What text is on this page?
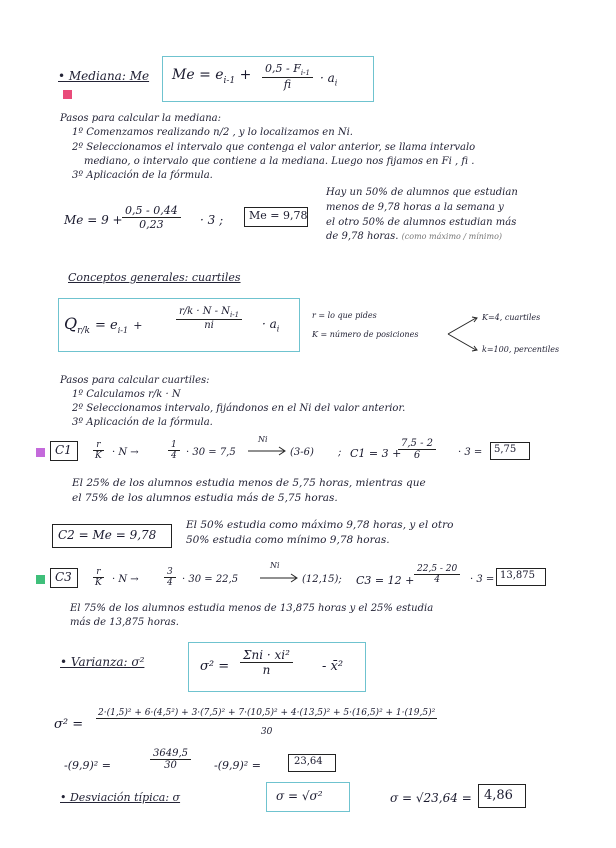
• Mediana: Me $Me = e_{i-1} + \frac{0,5 - F_{i-1}}{fi} \cdot a_i$
Pasos para calcular la mediana:
1º Comenzamos realizando n/2 , y lo localizamos en Ni.
2º Seleccionamos el intervalo que contenga el valor anterior, se llama intervalo
mediano, o intervalo que contiene a la mediana. Luego nos fijamos en Fi , fi .
3º Aplicación de la fórmula.
$Me = 9 + \frac{0,5 - 0,44}{0,23} \cdot 3$ ; Me = 9,78
Hay un 50% de alumnos que estudian
menos de 9,78 horas a la semana y
el otro 50% de alumnos estudian más
de 9,78 horas. (como máximo / mínimo)
Conceptos generales: cuartiles
$Q_{r/k} = e_{i-1}$ +	$\frac{r/k \cdot N - N_{i-1}}{ni} \cdot a_i$
r = lo que pides
K = número de posiciones
K=4, cuartiles
k=100, percentiles
Pasos para calcular cuartiles:
1º Calculamos r/k · N
2º Seleccionamos intervalo, fijándonos en el Ni del valor anterior.
3º Aplicación de la fórmula.
$C1 \frac{r}{K} \cdot N$ →	$\frac{1}{4} \cdot 30 = 7,5$
Ni
(3-6) ; C1 = 3 +
$\frac{7,5 - 2}{6} \cdot 3 = 5,75$
El 25% de los alumnos estudia menos de 5,75 horas, mientras que
el 75% de los alumnos estudia más de 5,75 horas.
C2 = Me = 9,78
El 50% estudia como máximo 9,78 horas, y el otro
50% estudia como mínimo 9,78 horas.
$C3 \frac{r}{K} \cdot N$ →	$\frac{3}{4} \cdot 30 = 22,5$
Ni
(12,15); $C3 = 12 + \frac{22,5 - 20}{4} \cdot 3 = 13,875$
El 75% de los alumnos estudia menos de 13,875 horas y el 25% estudia
más de 13,875 horas.
• Varianza: σ²	σ² =
Σni · xi²
n	- x̄²
σ² =
2·(1,5)² + 6·(4,5²) + 3·(7,5)² + 7·(10,5)² + 4·(13,5)² + 5·(16,5)² + 1·(19,5)²
30
-(9,9)² =	$\frac{3649,5}{30} -(9,9)^2$ =	23,64
• Desviación típica: σ	σ = √σ²	σ = √23,64 = 4,86
